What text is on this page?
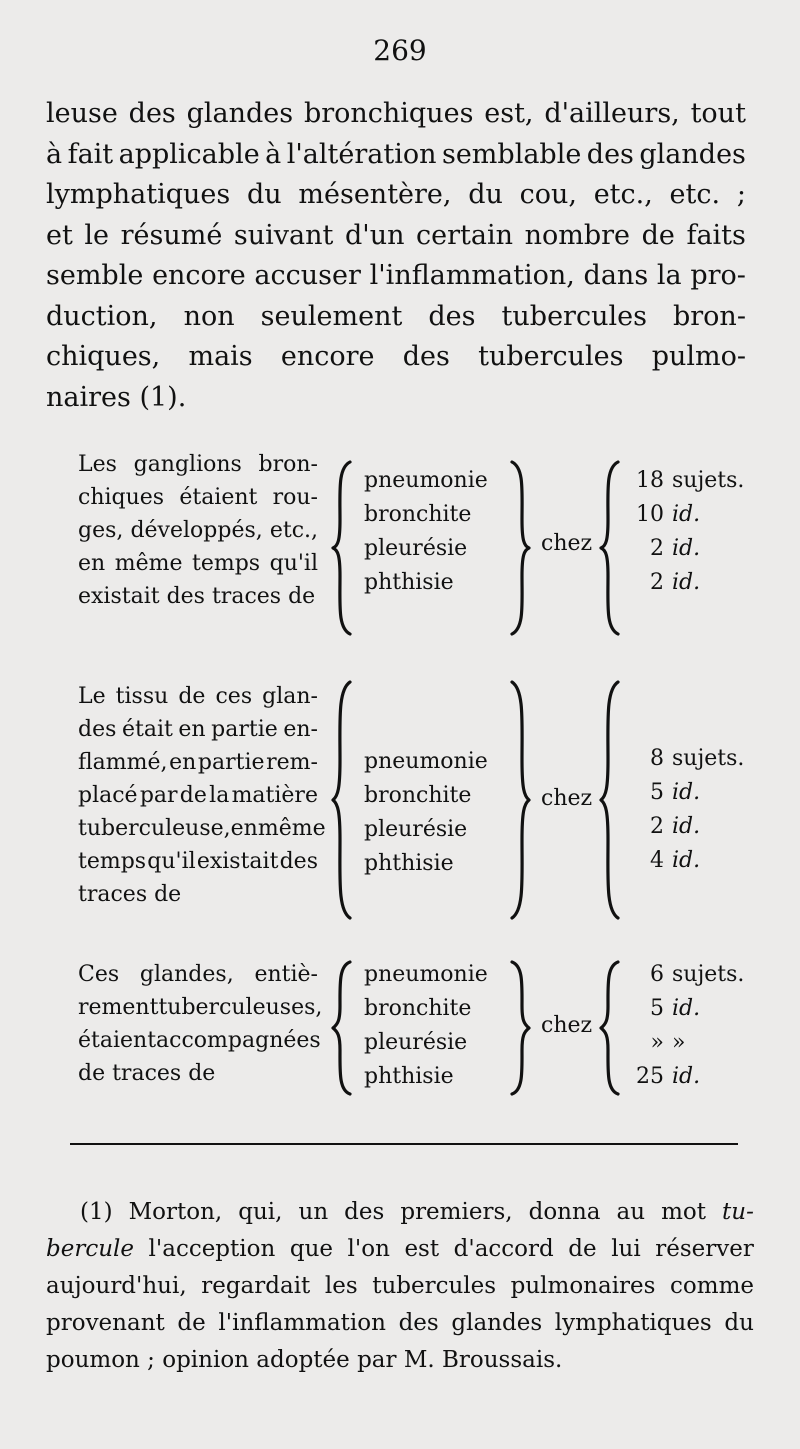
269
leuse des glandes bronchiques est, d'ailleurs, tout
à fait applicable à l'altération semblable des glandes
lymphatiques du mésentère, du cou, etc., etc. ;
et le résumé suivant d'un certain nombre de faits
semble encore accuser l'inflammation, dans la pro-
duction, non seulement des tubercules bron-
chiques, mais encore des tubercules pulmo-
naires (1).
Les ganglions bron-
chiques étaient rou-
ges, développés, etc.,
en même temps qu'il
existait des traces de
pneumonie
bronchite
pleurésie
phthisie
chez
18 sujets.
10 id.
2 id.
2 id.
Le tissu de ces glan-
des était en partie en-
flammé, en partie rem-
placé par de la matière
tuberculeuse, en même
temps qu'il existait des
traces de
pneumonie
bronchite
pleurésie
phthisie
chez
8 sujets.
5 id.
2 id.
4 id.
Ces glandes, entiè-
rement tuberculeuses,
étaient accompagnées
de traces de
pneumonie
bronchite
pleurésie
phthisie
chez
6 sujets.
5 id.
» »
25 id.
(1) Morton, qui, un des premiers, donna au mot tu-
bercule l'acception que l'on est d'accord de lui réserver
aujourd'hui, regardait les tubercules pulmonaires comme
provenant de l'inflammation des glandes lymphatiques du
poumon ; opinion adoptée par M. Broussais.
